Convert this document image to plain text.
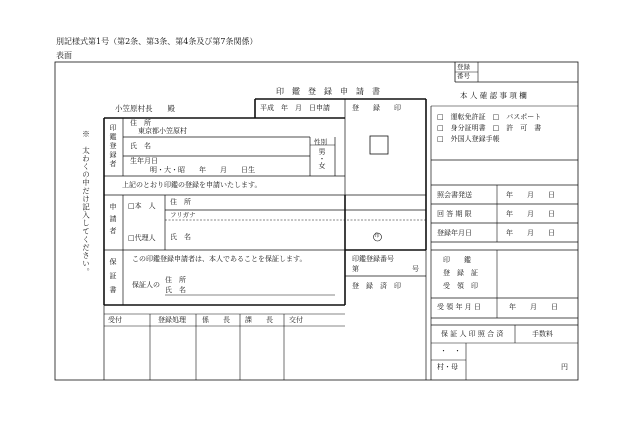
別記様式第1号（第2条、第3条、第4条及び第7条関係）
表面
登録
番号
印　鑑　登　録　申　請　書
小笠原村長　　殿	平成　年　月　日申請	登　　録　　印
※　太わくの中だけ記入してください。	印鑑登録者
住　所
東京都小笠原村
氏　名	性別
男・女
生年月日
明・大・昭　　年　　月　　日生
上記のとおり印鑑の登録を申請いたします。
申請者 □本　人
□代理人
住　所
フリガナ
氏　名	印
保証書 この印鑑登録申請者は、本人であることを保証します。
保証人の
住　所
氏　名
印鑑登録番号
第	号
登　録　済　印
受付	登録処理 係　　長 課　　長 交付
本 人 確 認 事 項 欄
□　運転免許証　□　パスポート
□　身分証明書　□　許　可　書
□　外国人登録手帳
照会書発送	年　　月　　日
回 答 期 限	年　　月　　日
登録年月日	年　　月　　日
印　　鑑
登　録　証
受　領　印
受 領 年 月 日	年　　月　　日
保 証 人 印 照 合 済	手数料
・　・
村・母	円
